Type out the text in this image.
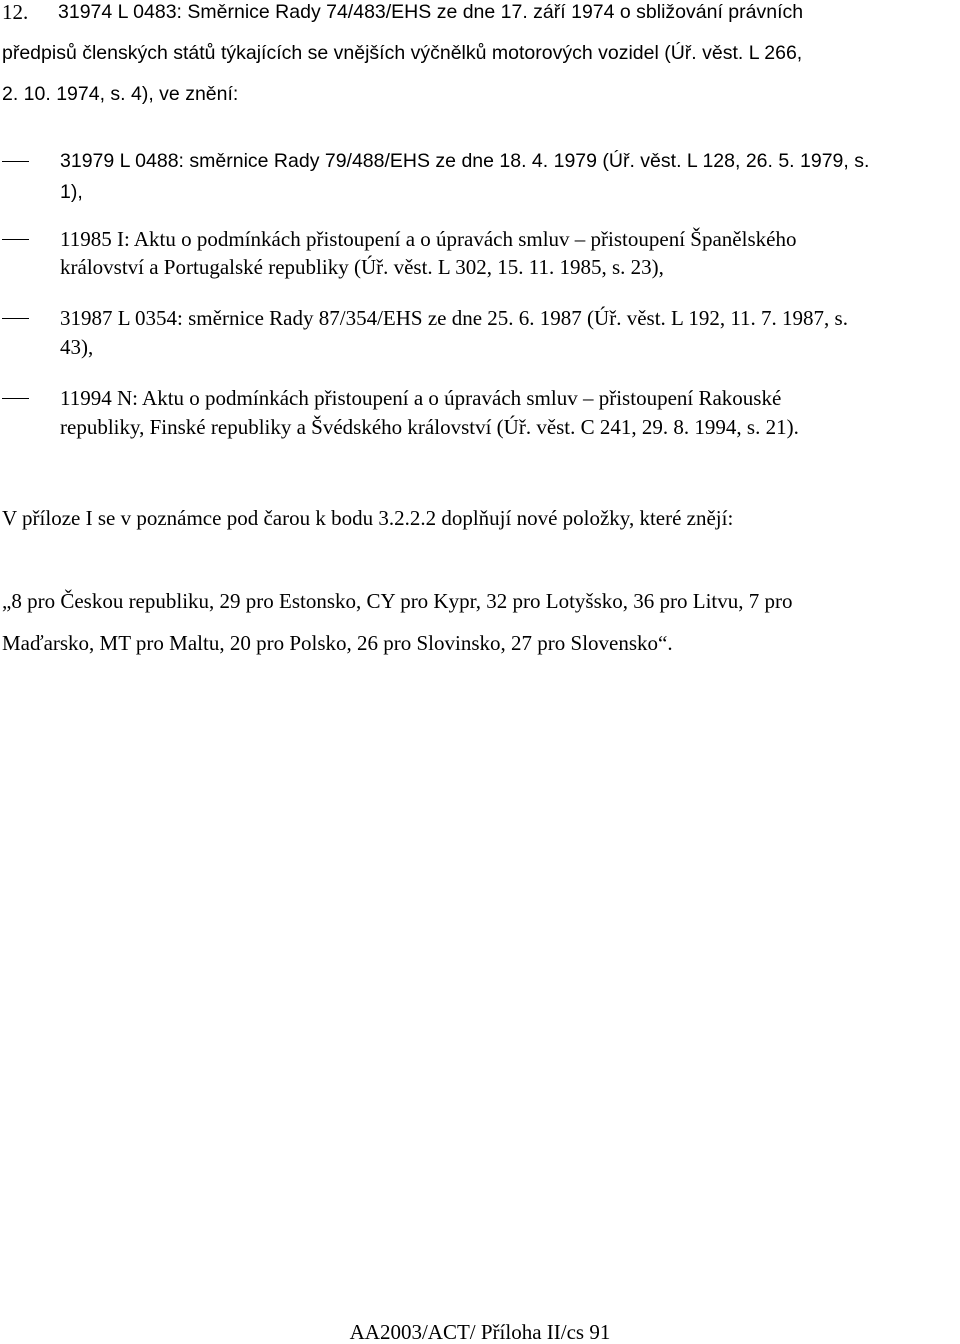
12. 31974 L 0483: Směrnice Rady 74/483/EHS ze dne 17. září 1974 o sbližování právních
předpisů členských států týkajících se vnějších výčnělků motorových vozidel (Úř. věst. L 266,
2. 10. 1974, s. 4), ve znění:
31979 L 0488: směrnice Rady 79/488/EHS ze dne 18. 4. 1979 (Úř. věst. L 128, 26. 5. 1979, s.
1),
11985 I: Aktu o podmínkách přistoupení a o úpravách smluv – přistoupení Španělského
království a Portugalské republiky (Úř. věst. L 302, 15. 11. 1985, s. 23),
31987 L 0354: směrnice Rady 87/354/EHS ze dne 25. 6. 1987 (Úř. věst. L 192, 11. 7. 1987, s.
43),
11994 N: Aktu o podmínkách přistoupení a o úpravách smluv – přistoupení Rakouské
republiky, Finské republiky a Švédského království (Úř. věst. C 241, 29. 8. 1994, s. 21).
V příloze I se v poznámce pod čarou k bodu 3.2.2.2 doplňují nové položky, které znějí:
„8 pro Českou republiku, 29 pro Estonsko, CY pro Kypr, 32 pro Lotyšsko, 36 pro Litvu, 7 pro
Maďarsko, MT pro Maltu, 20 pro Polsko, 26 pro Slovinsko, 27 pro Slovensko“.
AA2003/ACT/ Příloha II/cs 91
